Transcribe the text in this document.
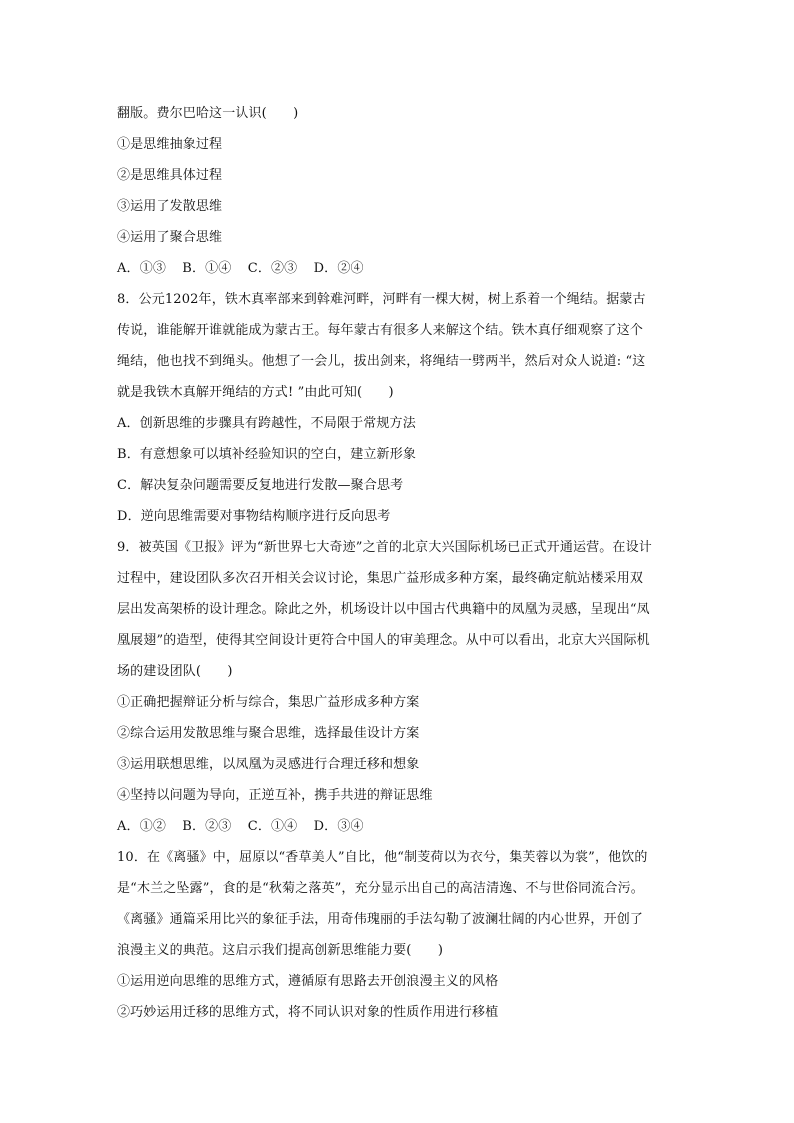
翻版。费尔巴哈这一认识(　　)
①是思维抽象过程
②是思维具体过程
③运用了发散思维
④运用了聚合思维
A．①③ B．①④ C．②③ D．②④
8．公元1202年，铁木真率部来到斡难河畔，河畔有一棵大树，树上系着一个绳结。据蒙古
传说，谁能解开谁就能成为蒙古王。每年蒙古有很多人来解这个结。铁木真仔细观察了这个
绳结，他也找不到绳头。他想了一会儿，拔出剑来，将绳结一劈两半，然后对众人说道: “这
就是我铁木真解开绳结的方式! ”由此可知(　　)
A．创新思维的步骤具有跨越性，不局限于常规方法
B．有意想象可以填补经验知识的空白，建立新形象
C．解决复杂问题需要反复地进行发散—聚合思考
D．逆向思维需要对事物结构顺序进行反向思考
9．被英国《卫报》评为“新世界七大奇迹”之首的北京大兴国际机场已正式开通运营。在设计
过程中，建设团队多次召开相关会议讨论，集思广益形成多种方案，最终确定航站楼采用双
层出发高架桥的设计理念。除此之外，机场设计以中国古代典籍中的凤凰为灵感，呈现出“凤
凰展翅”的造型，使得其空间设计更符合中国人的审美理念。从中可以看出，北京大兴国际机
场的建设团队(　　)
①正确把握辩证分析与综合，集思广益形成多种方案
②综合运用发散思维与聚合思维，选择最佳设计方案
③运用联想思维，以凤凰为灵感进行合理迁移和想象
④坚持以问题为导向，正逆互补，携手共进的辩证思维
A．①② B．②③ C．①④ D．③④
10．在《离骚》中，屈原以“香草美人”自比，他“制芰荷以为衣兮，集芙蓉以为裳”，他饮的
是“木兰之坠露”，食的是“秋菊之落英”，充分显示出自己的高洁清逸、不与世俗同流合污。
《离骚》通篇采用比兴的象征手法，用奇伟瑰丽的手法勾勒了波澜壮阔的内心世界，开创了
浪漫主义的典范。这启示我们提高创新思维能力要(　　)
①运用逆向思维的思维方式，遵循原有思路去开创浪漫主义的风格
②巧妙运用迁移的思维方式，将不同认识对象的性质作用进行移植
